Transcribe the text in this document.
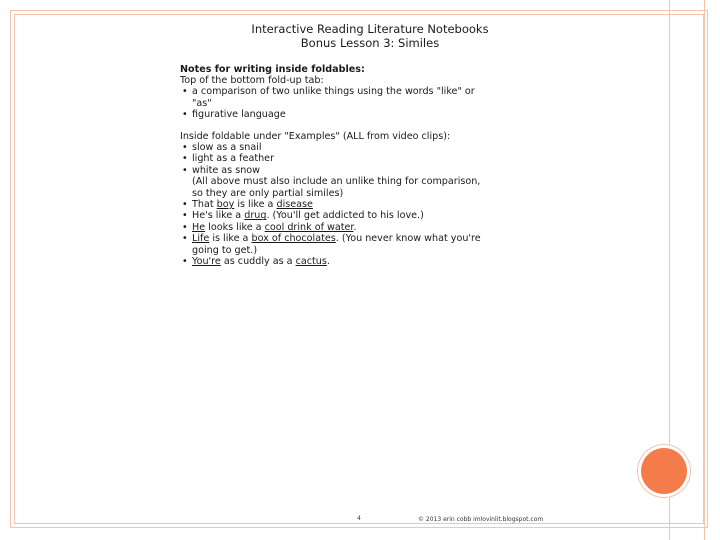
Interactive Reading Literature Notebooks
Bonus Lesson 3: Similes
Notes for writing inside foldables:
Top of the bottom fold-up tab:
• a comparison of two unlike things using the words "like" or
"as"
• figurative language
Inside foldable under "Examples" (ALL from video clips):
• slow as a snail
• light as a feather
• white as snow
(All above must also include an unlike thing for comparison,
so they are only partial similes)
• That boy is like a disease
• He's like a drug. (You'll get addicted to his love.)
• He looks like a cool drink of water.
• Life is like a box of chocolates. (You never know what you're
going to get.)
• You're as cuddly as a cactus.
4	© 2013 erin cobb imlovinlit.blogspot.com
